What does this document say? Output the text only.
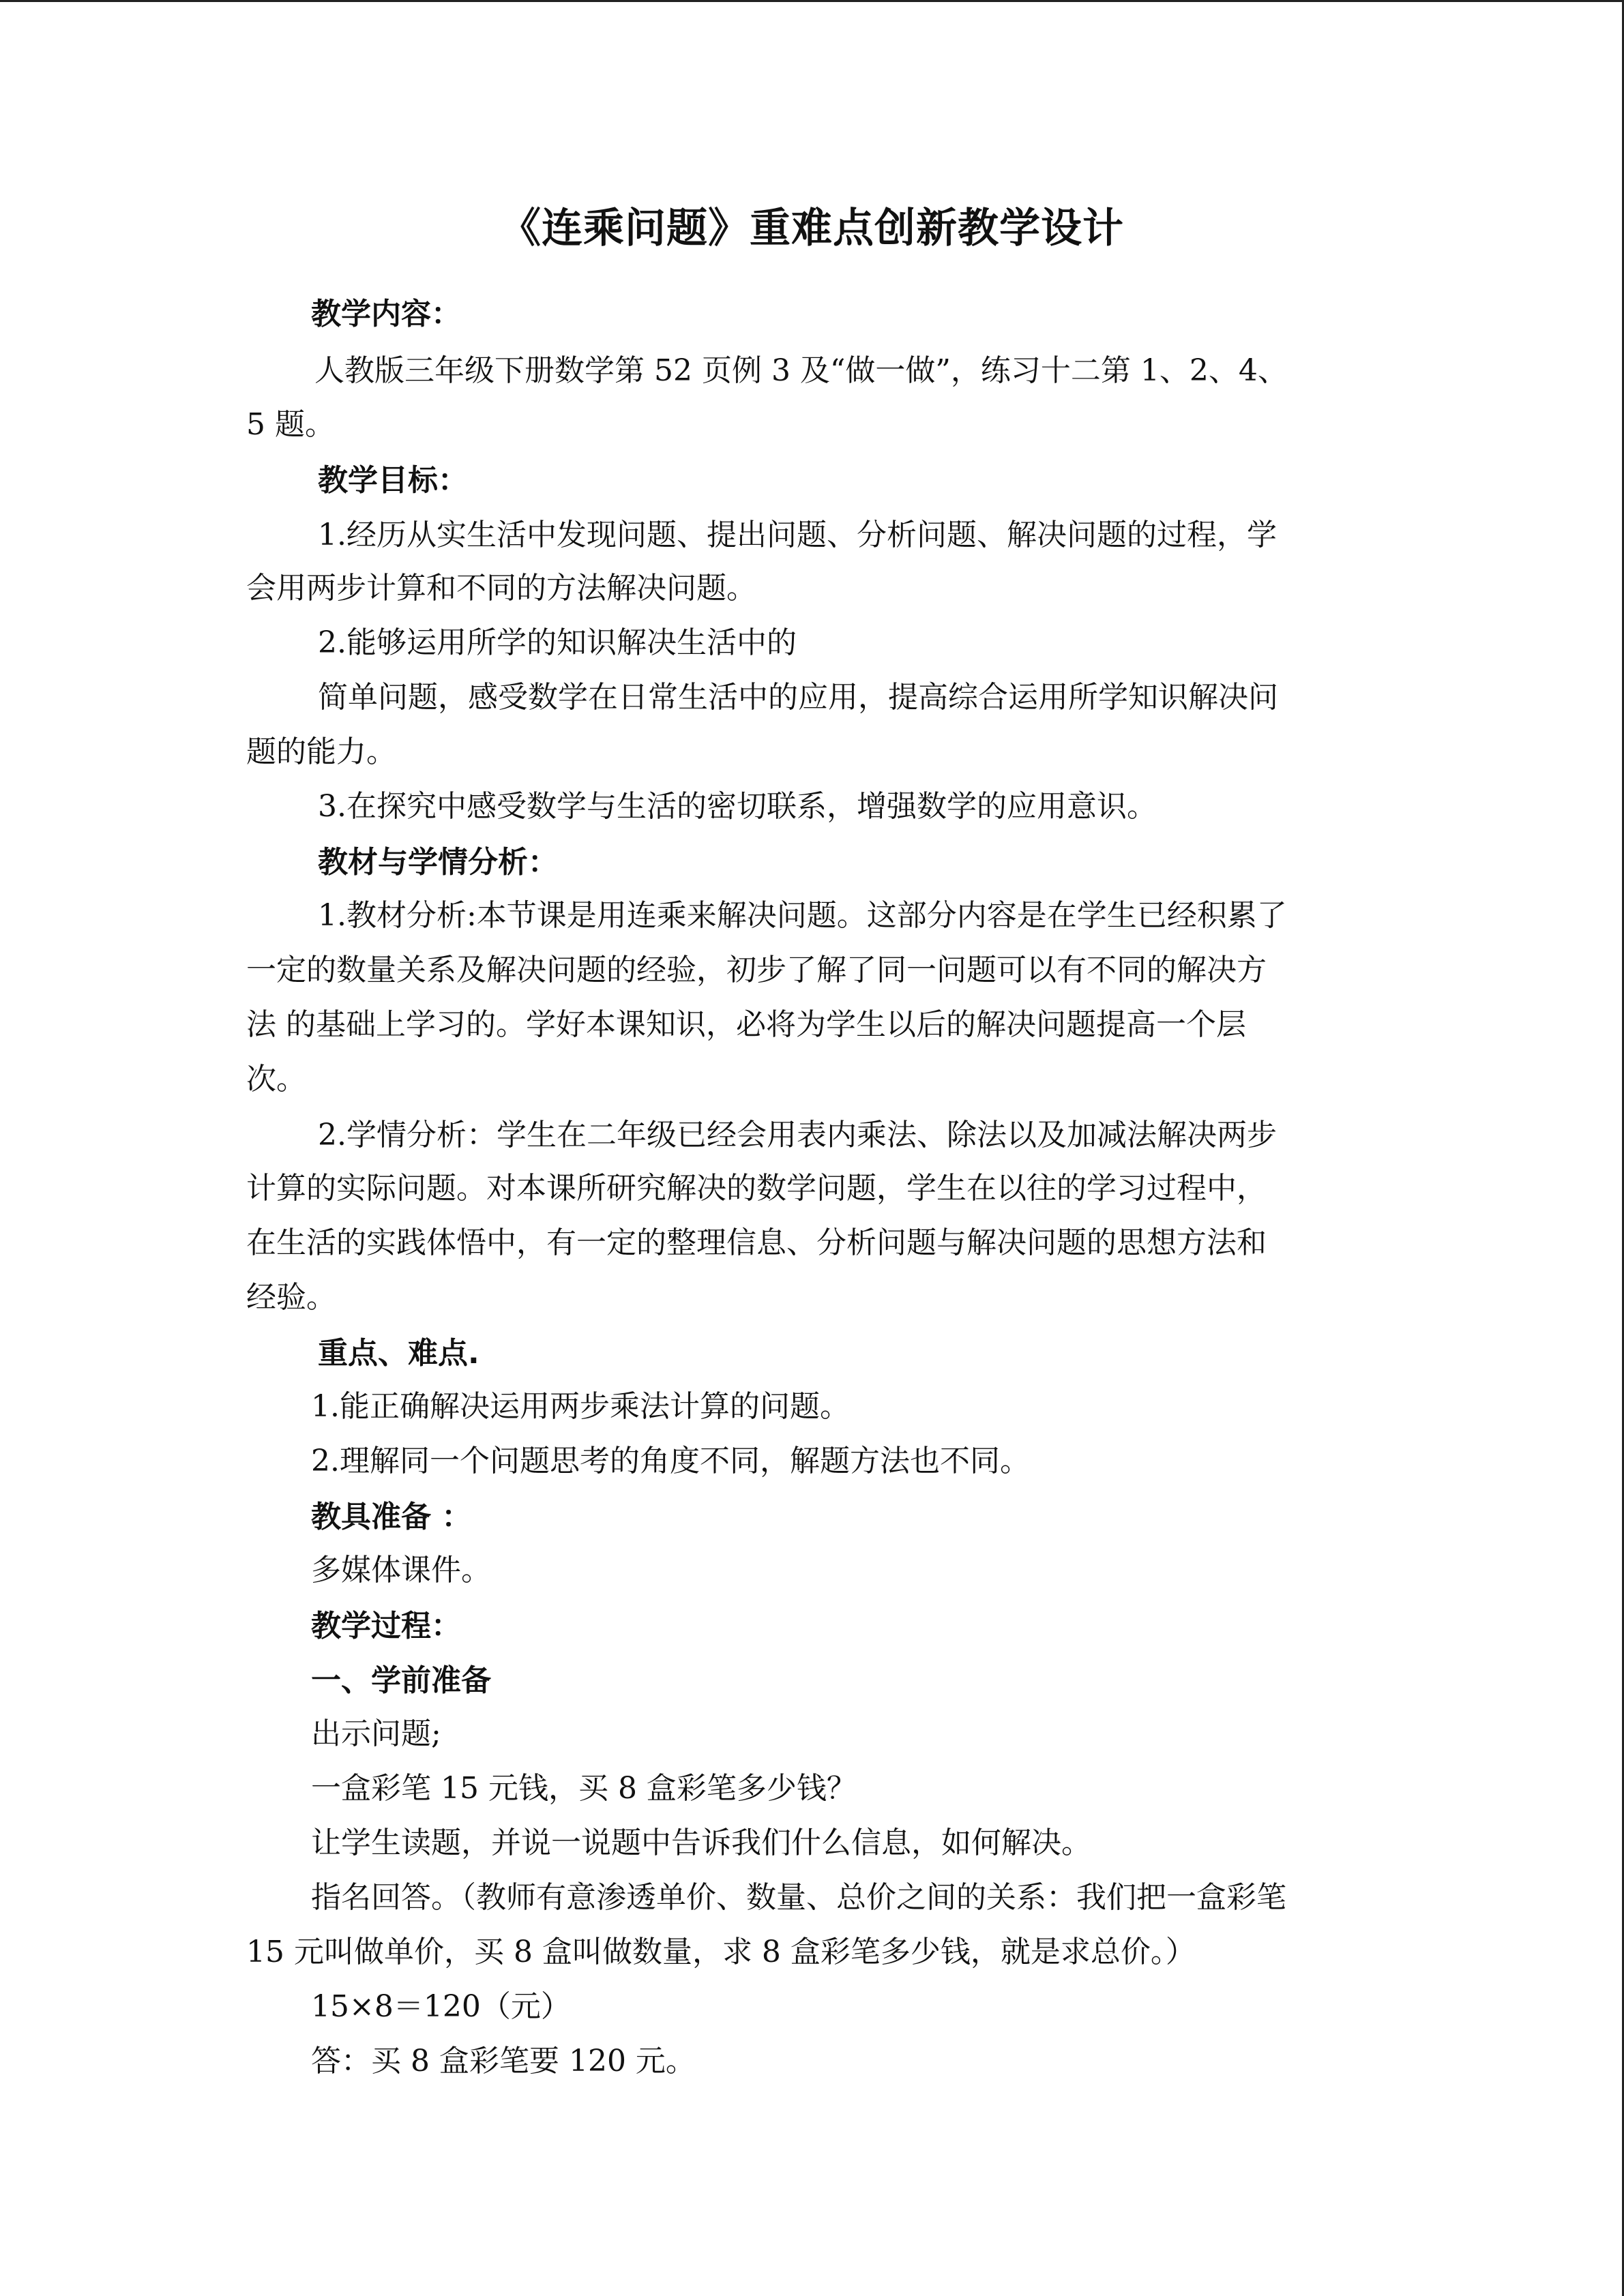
《连乘问题》重难点创新教学设计
教学内容：
人教版三年级下册数学第 52 页例 3 及“做一做”，练习十二第 1、2、4、
5 题。
教学目标：
1.经历从实生活中发现问题、提出问题、分析问题、解决问题的过程，学
会用两步计算和不同的方法解决问题。
2.能够运用所学的知识解决生活中的
简单问题，感受数学在日常生活中的应用，提高综合运用所学知识解决问
题的能力。
3.在探究中感受数学与生活的密切联系，增强数学的应用意识。
教材与学情分析：
1.教材分析:本节课是用连乘来解决问题。这部分内容是在学生已经积累了
一定的数量关系及解决问题的经验，初步了解了同一问题可以有不同的解决方
法 的基础上学习的。学好本课知识，必将为学生以后的解决问题提高一个层
次。
2.学情分析：学生在二年级已经会用表内乘法、除法以及加减法解决两步
计算的实际问题。对本课所研究解决的数学问题，学生在以往的学习过程中，
在生活的实践体悟中，有一定的整理信息、分析问题与解决问题的思想方法和
经验。
重点、难点.
1.能正确解决运用两步乘法计算的问题。
2.理解同一个问题思考的角度不同，解题方法也不同。
教具准备 ：
多媒体课件。
教学过程：
一、学前准备
出示问题;
一盒彩笔 15 元钱，买 8 盒彩笔多少钱？
让学生读题，并说一说题中告诉我们什么信息，如何解决。
指名回答。（教师有意渗透单价、数量、总价之间的关系：我们把一盒彩笔
15 元叫做单价，买 8 盒叫做数量，求 8 盒彩笔多少钱，就是求总价。）
15×8＝120（元）
答：买 8 盒彩笔要 120 元。
